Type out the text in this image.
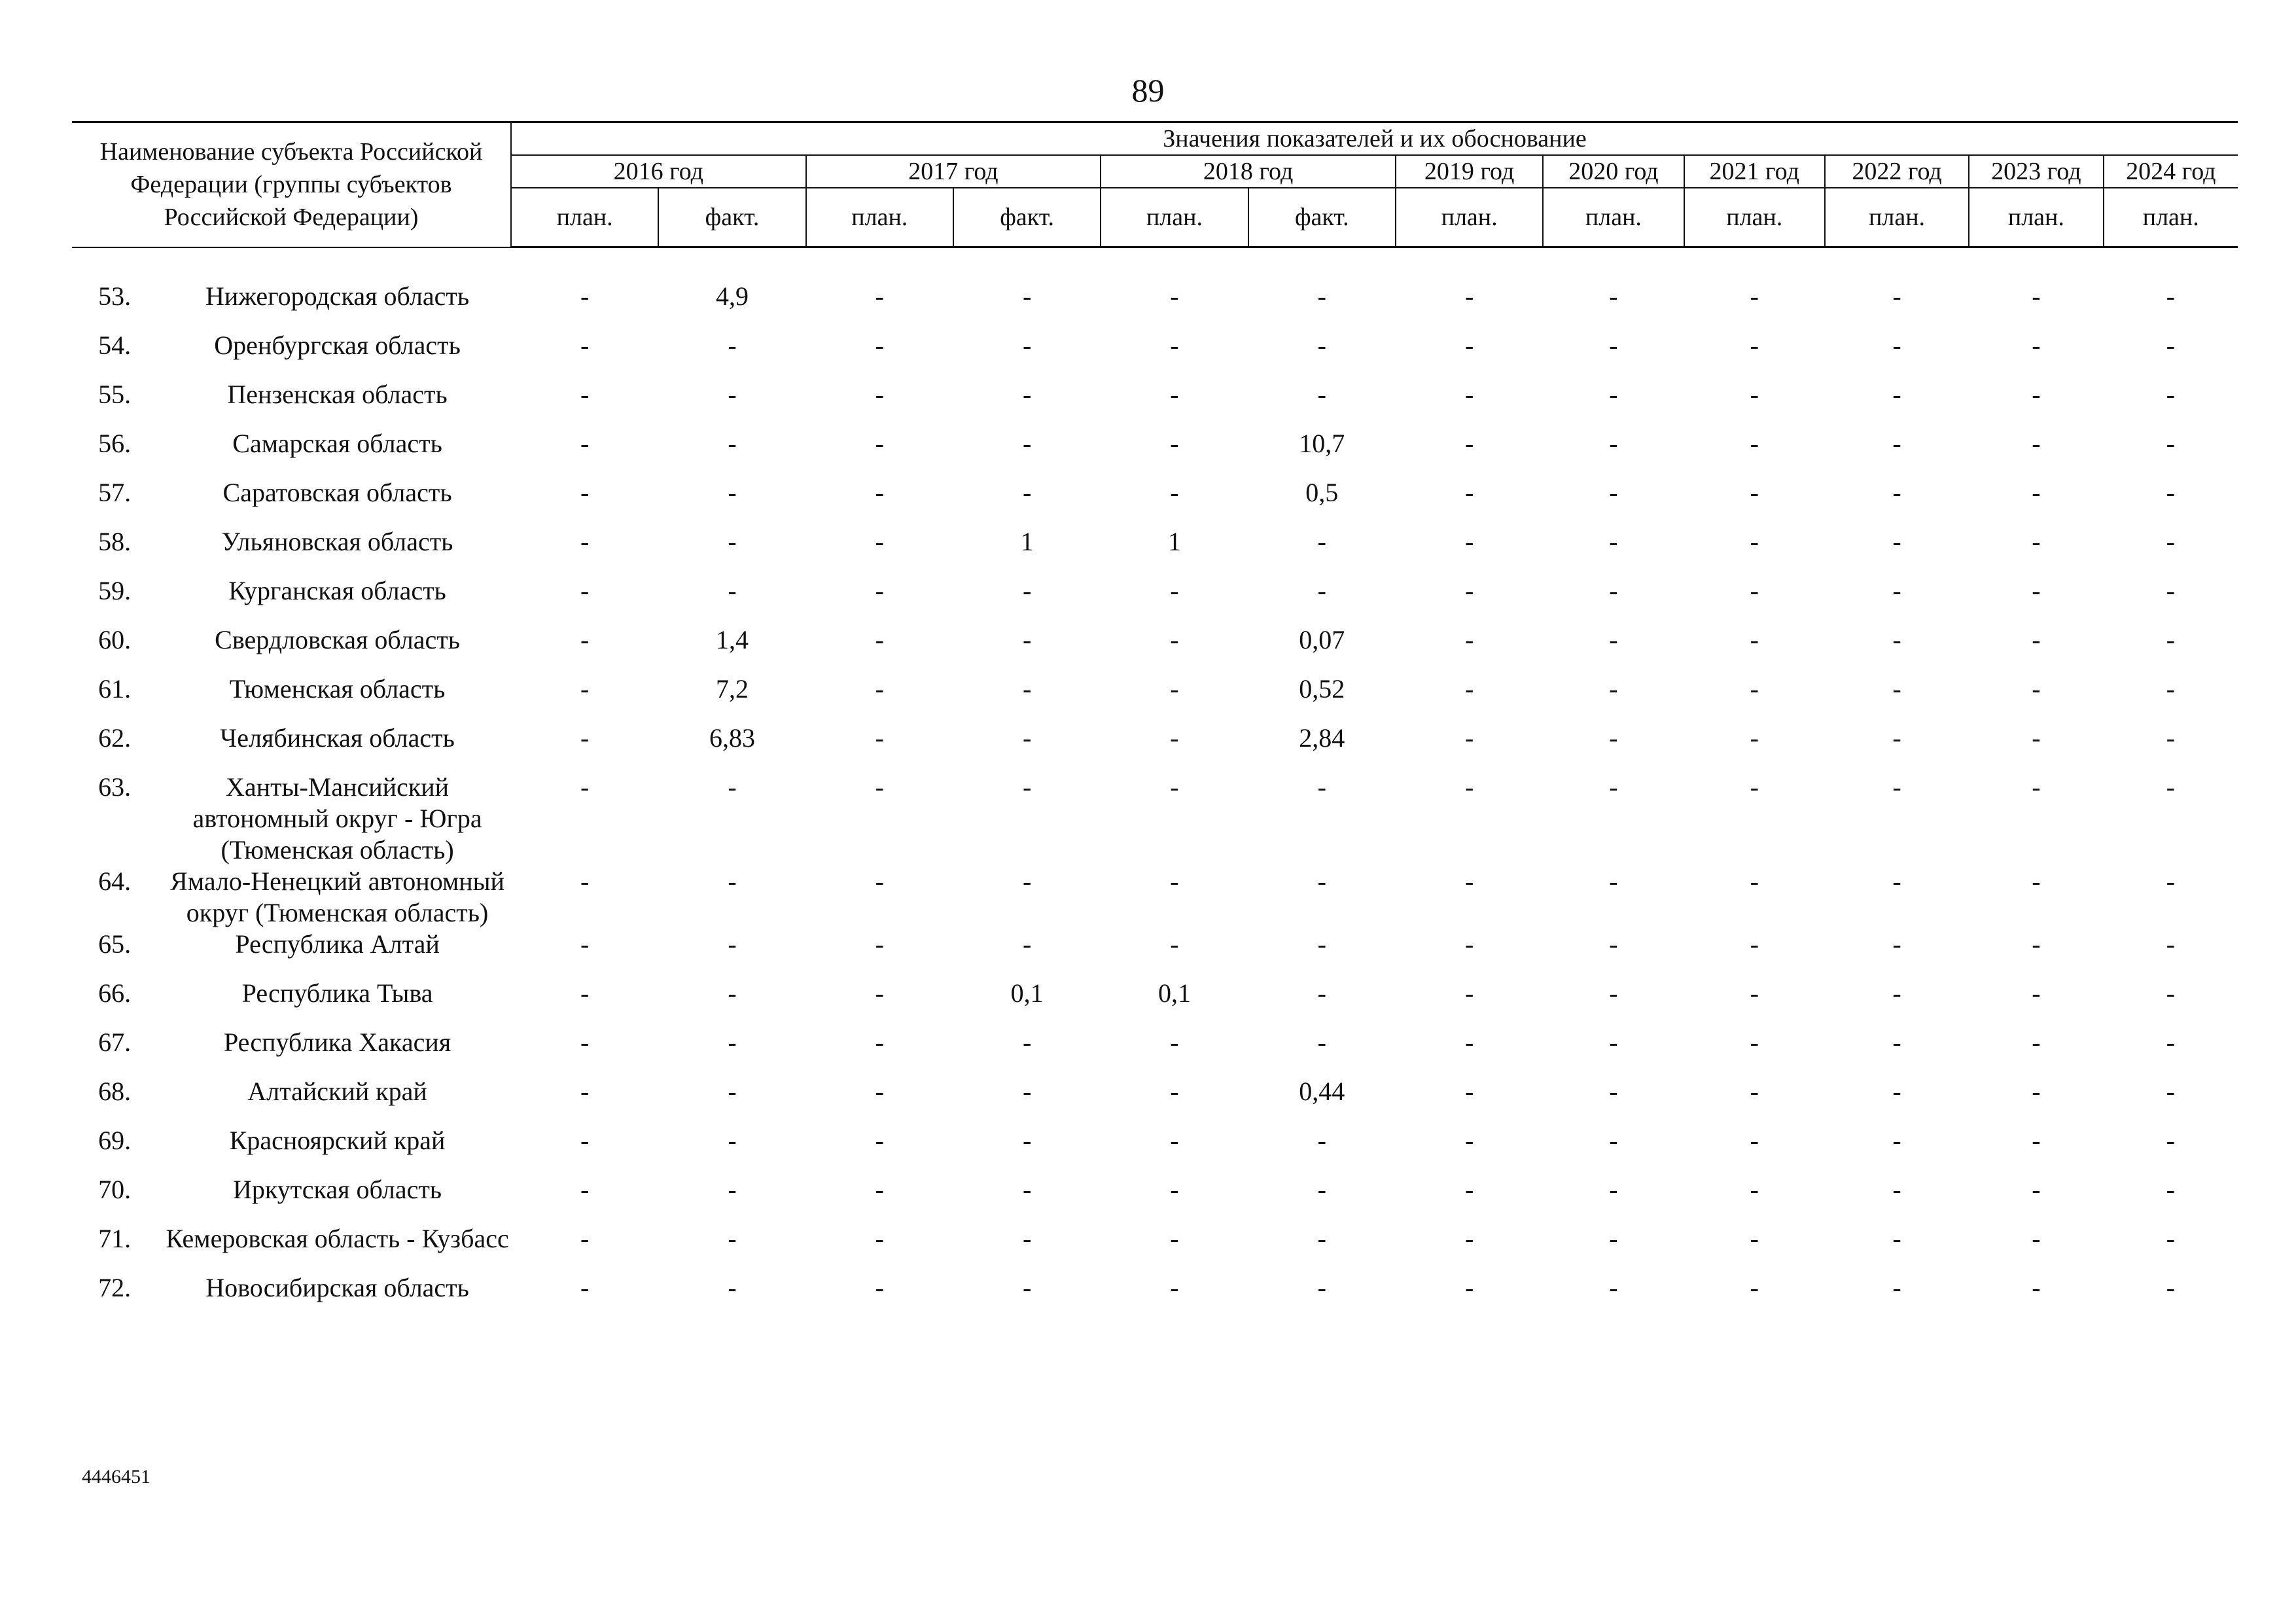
89
Наименование субъекта Российской Федерации (группы субъектов Российской Федерации)		Значения показателей и их обоснование											
		2016 год		2017 год		2018 год		2019 год	2020 год	2021 год	2022 год	2023 год	2024 год
		план.	факт.	план.	факт.	план.	факт.	план.	план.	план.	план.	план.	план.
53.	Нижегородская область	-	4,9	-	-	-	-	-	-	-	-	-	-
54.	Оренбургская область	-	-	-	-	-	-	-	-	-	-	-	-
55.	Пензенская область	-	-	-	-	-	-	-	-	-	-	-	-
56.	Самарская область	-	-	-	-	-	10,7	-	-	-	-	-	-
57.	Саратовская область	-	-	-	-	-	0,5	-	-	-	-	-	-
58.	Ульяновская область	-	-	-	1	1	-	-	-	-	-	-	-
59.	Курганская область	-	-	-	-	-	-	-	-	-	-	-	-
60.	Свердловская область	-	1,4	-	-	-	0,07	-	-	-	-	-	-
61.	Тюменская область	-	7,2	-	-	-	0,52	-	-	-	-	-	-
62.	Челябинская область	-	6,83	-	-	-	2,84	-	-	-	-	-	-
63.	Ханты-Мансийский автономный округ - Югра (Тюменская область)	-	-	-	-	-	-	-	-	-	-	-	-
64.	Ямало-Ненецкий автономный округ (Тюменская область)	-	-	-	-	-	-	-	-	-	-	-	-
65.	Республика Алтай	-	-	-	-	-	-	-	-	-	-	-	-
66.	Республика Тыва	-	-	-	0,1	0,1	-	-	-	-	-	-	-
67.	Республика Хакасия	-	-	-	-	-	-	-	-	-	-	-	-
68.	Алтайский край	-	-	-	-	-	0,44	-	-	-	-	-	-
69.	Красноярский край	-	-	-	-	-	-	-	-	-	-	-	-
70.	Иркутская область	-	-	-	-	-	-	-	-	-	-	-	-
71.	Кемеровская область - Кузбасс	-	-	-	-	-	-	-	-	-	-	-	-
72.	Новосибирская область	-	-	-	-	-	-	-	-	-	-	-	-
4446451
